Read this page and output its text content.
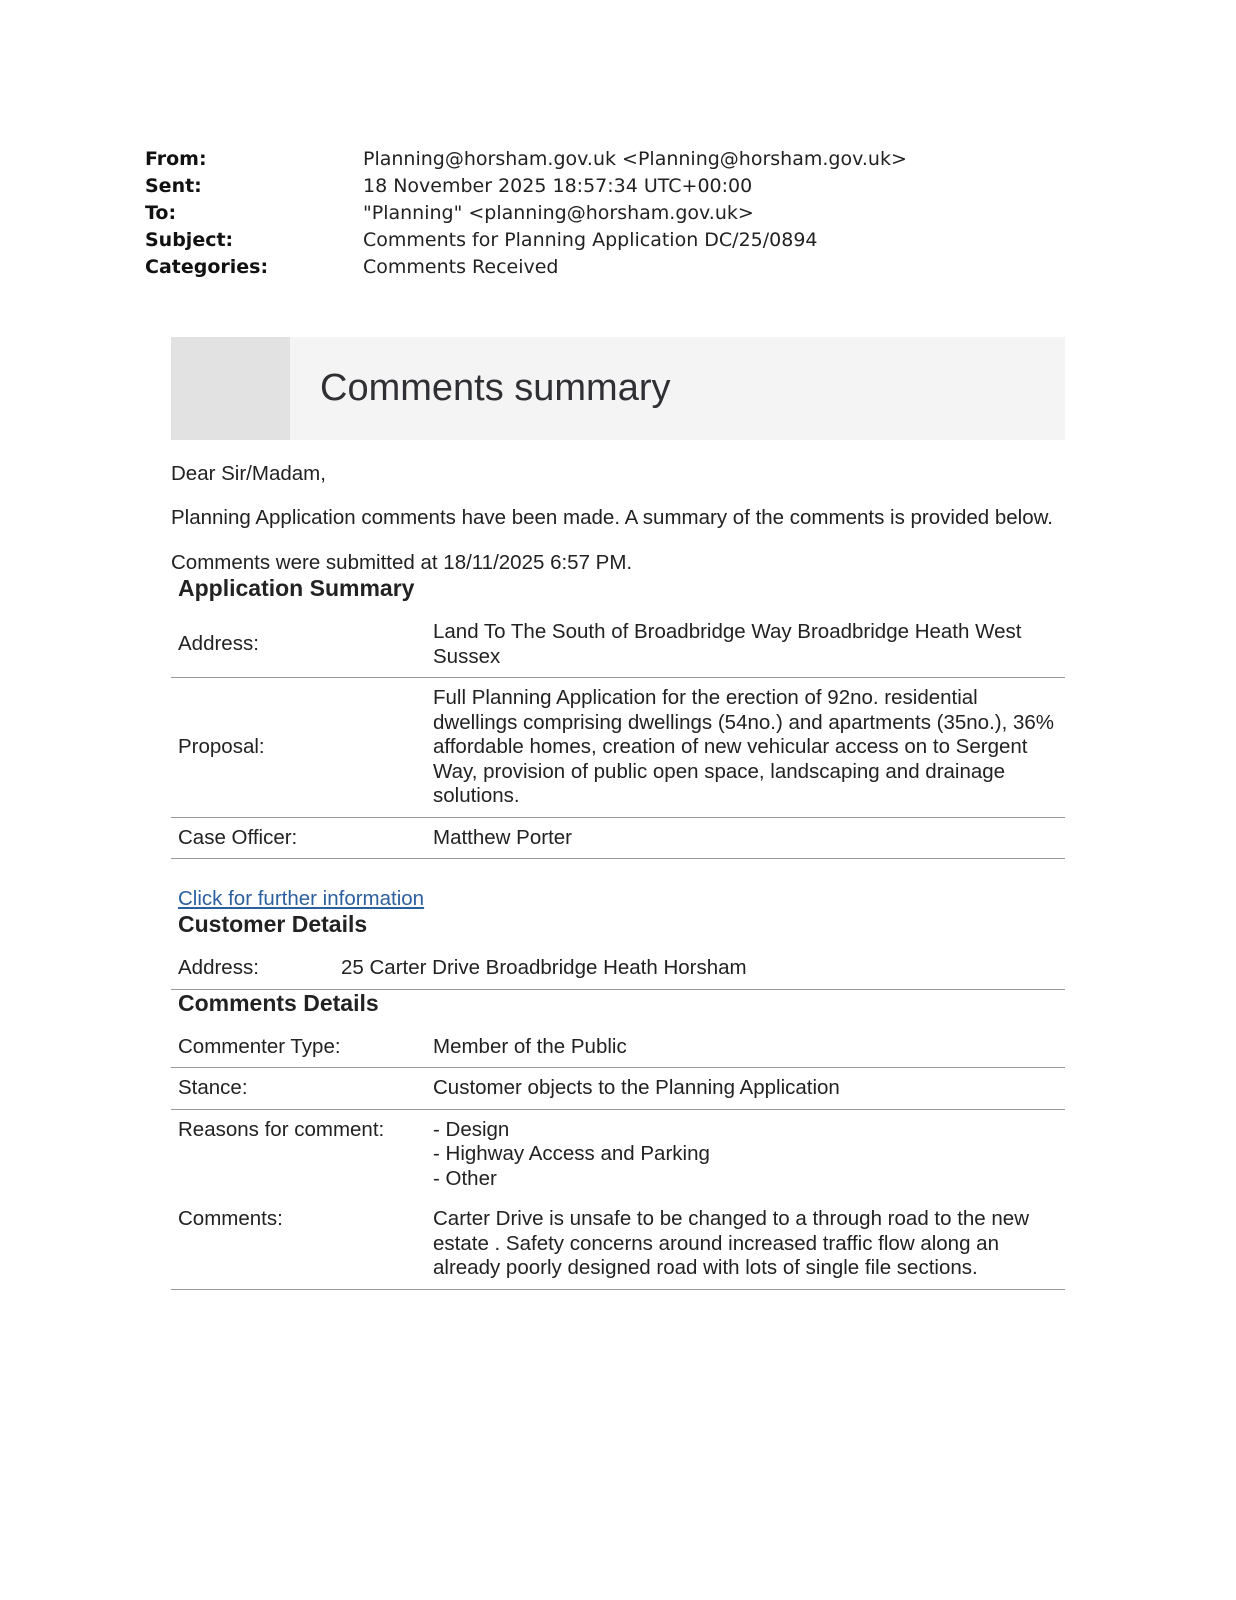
From:	Planning@horsham.gov.uk <Planning@horsham.gov.uk>
Sent:	18 November 2025 18:57:34 UTC+00:00
To:	"Planning" <planning@horsham.gov.uk>
Subject:	Comments for Planning Application DC/25/0894
Categories:	Comments Received
Comments summary

Dear Sir/Madam,

Planning Application comments have been made. A summary of the comments is provided below.

Comments were submitted at 18/11/2025 6:57 PM.

Application Summary
Address:	Land To The South of Broadbridge Way Broadbridge Heath West Sussex
Proposal:	Full Planning Application for the erection of 92no. residential dwellings comprising dwellings (54no.) and apartments (35no.), 36% affordable homes, creation of new vehicular access on to Sergent Way, provision of public open space, landscaping and drainage solutions.
Case Officer:	Matthew Porter
Click for further information
Customer Details
Address:	25 Carter Drive Broadbridge Heath Horsham
Comments Details
Commenter Type:	Member of the Public
Stance:	Customer objects to the Planning Application
Reasons for comment:	- Design
- Highway Access and Parking
- Other

Comments:	Carter Drive is unsafe to be changed to a through road to the new estate . Safety concerns around increased traffic flow along an already poorly designed road with lots of single file sections.
